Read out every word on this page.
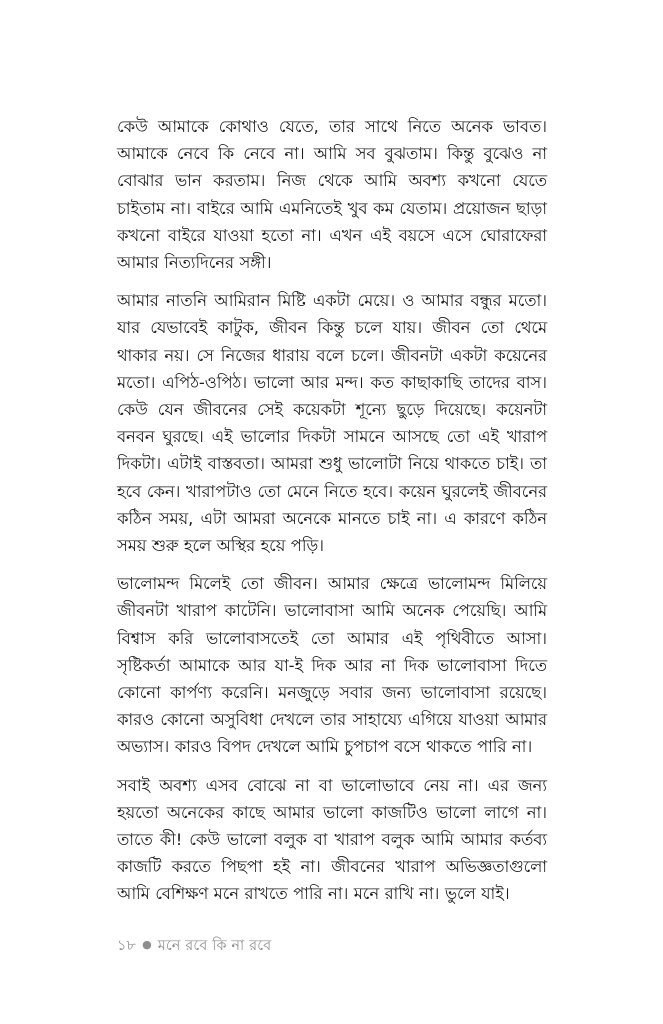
কেউ আমাকে কোথাও যেতে, তার সাথে নিতে অনেক ভাবত। আমাকে নেবে কি নেবে না। আমি সব বুঝতাম। কিন্তু বুঝেও না বোঝার ভান করতাম। নিজ থেকে আমি অবশ্য কখনো যেতে চাইতাম না। বাইরে আমি এমনিতেই খুব কম যেতাম। প্রয়োজন ছাড়া কখনো বাইরে যাওয়া হতো না। এখন এই বয়সে এসে ঘোরাফেরা আমার নিত্যদিনের সঙ্গী।

আমার নাতনি আমিরান মিষ্টি একটা মেয়ে। ও আমার বন্ধুর মতো। যার যেভাবেই কাটুক, জীবন কিন্তু চলে যায়। জীবন তো থেমে থাকার নয়। সে নিজের ধারায় বলে চলে। জীবনটা একটা কয়েনের মতো। এপিঠ-ওপিঠ। ভালো আর মন্দ। কত কাছাকাছি তাদের বাস। কেউ যেন জীবনের সেই কয়েকটা শূন্যে ছুড়ে দিয়েছে। কয়েনটা বনবন ঘুরছে। এই ভালোর দিকটা সামনে আসছে তো এই খারাপ দিকটা। এটাই বাস্তবতা। আমরা শুধু ভালোটা নিয়ে থাকতে চাই। তা হবে কেন। খারাপটাও তো মেনে নিতে হবে। কয়েন ঘুরলেই জীবনের কঠিন সময়, এটা আমরা অনেকে মানতে চাই না। এ কারণে কঠিন সময় শুরু হলে অস্থির হয়ে পড়ি।

ভালোমন্দ মিলেই তো জীবন। আমার ক্ষেত্রে ভালোমন্দ মিলিয়ে জীবনটা খারাপ কাটেনি। ভালোবাসা আমি অনেক পেয়েছি। আমি বিশ্বাস করি ভালোবাসতেই তো আমার এই পৃথিবীতে আসা। সৃষ্টিকর্তা আমাকে আর যা-ই দিক আর না দিক ভালোবাসা দিতে কোনো কার্পণ্য করেনি। মনজুড়ে সবার জন্য ভালোবাসা রয়েছে। কারও কোনো অসুবিধা দেখলে তার সাহায্যে এগিয়ে যাওয়া আমার অভ্যাস। কারও বিপদ দেখলে আমি চুপচাপ বসে থাকতে পারি না।

সবাই অবশ্য এসব বোঝে না বা ভালোভাবে নেয় না। এর জন্য হয়তো অনেকের কাছে আমার ভালো কাজটিও ভালো লাগে না। তাতে কী! কেউ ভালো বলুক বা খারাপ বলুক আমি আমার কর্তব্য কাজটি করতে পিছপা হই না। জীবনের খারাপ অভিজ্ঞতাগুলো আমি বেশিক্ষণ মনে রাখতে পারি না। মনে রাখি না। ভুলে যাই।

১৮ ● মনে রবে কি না রবে
